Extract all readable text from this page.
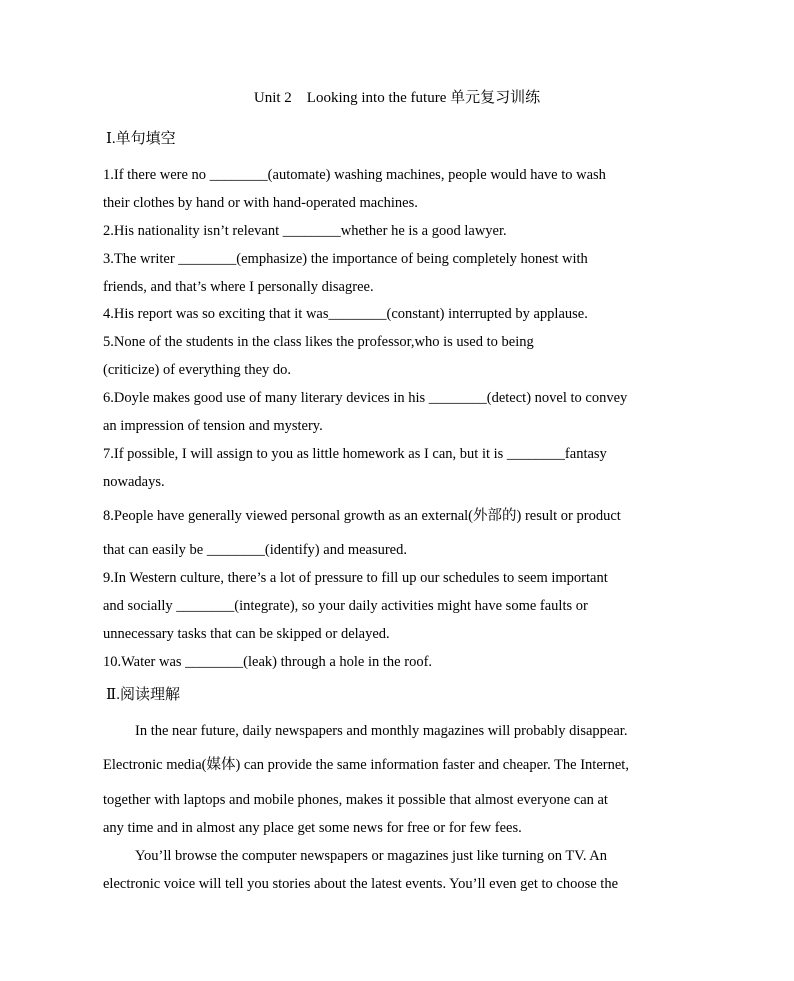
Unit 2    Looking into the future 单元复习训练
Ⅰ.单句填空
1.If there were no ________(automate) washing machines, people would have to wash
their clothes by hand or with hand-operated machines.
2.His nationality isn’t relevant ________whether he is a good lawyer.
3.The writer ________(emphasize) the importance of being completely honest with
friends, and that’s where I personally disagree.
4.His report was so exciting that it was________(constant) interrupted by applause.
5.None of the students in the class likes the professor,who is used to being
(criticize) of everything they do.
6.Doyle makes good use of many literary devices in his ________(detect) novel to convey
an impression of tension and mystery.
7.If possible, I will assign to you as little homework as I can, but it is ________fantasy
nowadays.
8.People have generally viewed personal growth as an external(外部的) result or product
that can easily be ________(identify) and measured.
9.In Western culture, there’s a lot of pressure to fill up our schedules to seem important
and socially ________(integrate), so your daily activities might have some faults or
unnecessary tasks that can be skipped or delayed.
10.Water was ________(leak) through a hole in the roof.
Ⅱ.阅读理解
In the near future, daily newspapers and monthly magazines will probably disappear.
Electronic media(媒体) can provide the same information faster and cheaper. The Internet,
together with laptops and mobile phones, makes it possible that almost everyone can at
any time and in almost any place get some news for free or for few fees.
You’ll browse the computer newspapers or magazines just like turning on TV. An
electronic voice will tell you stories about the latest events. You’ll even get to choose the
